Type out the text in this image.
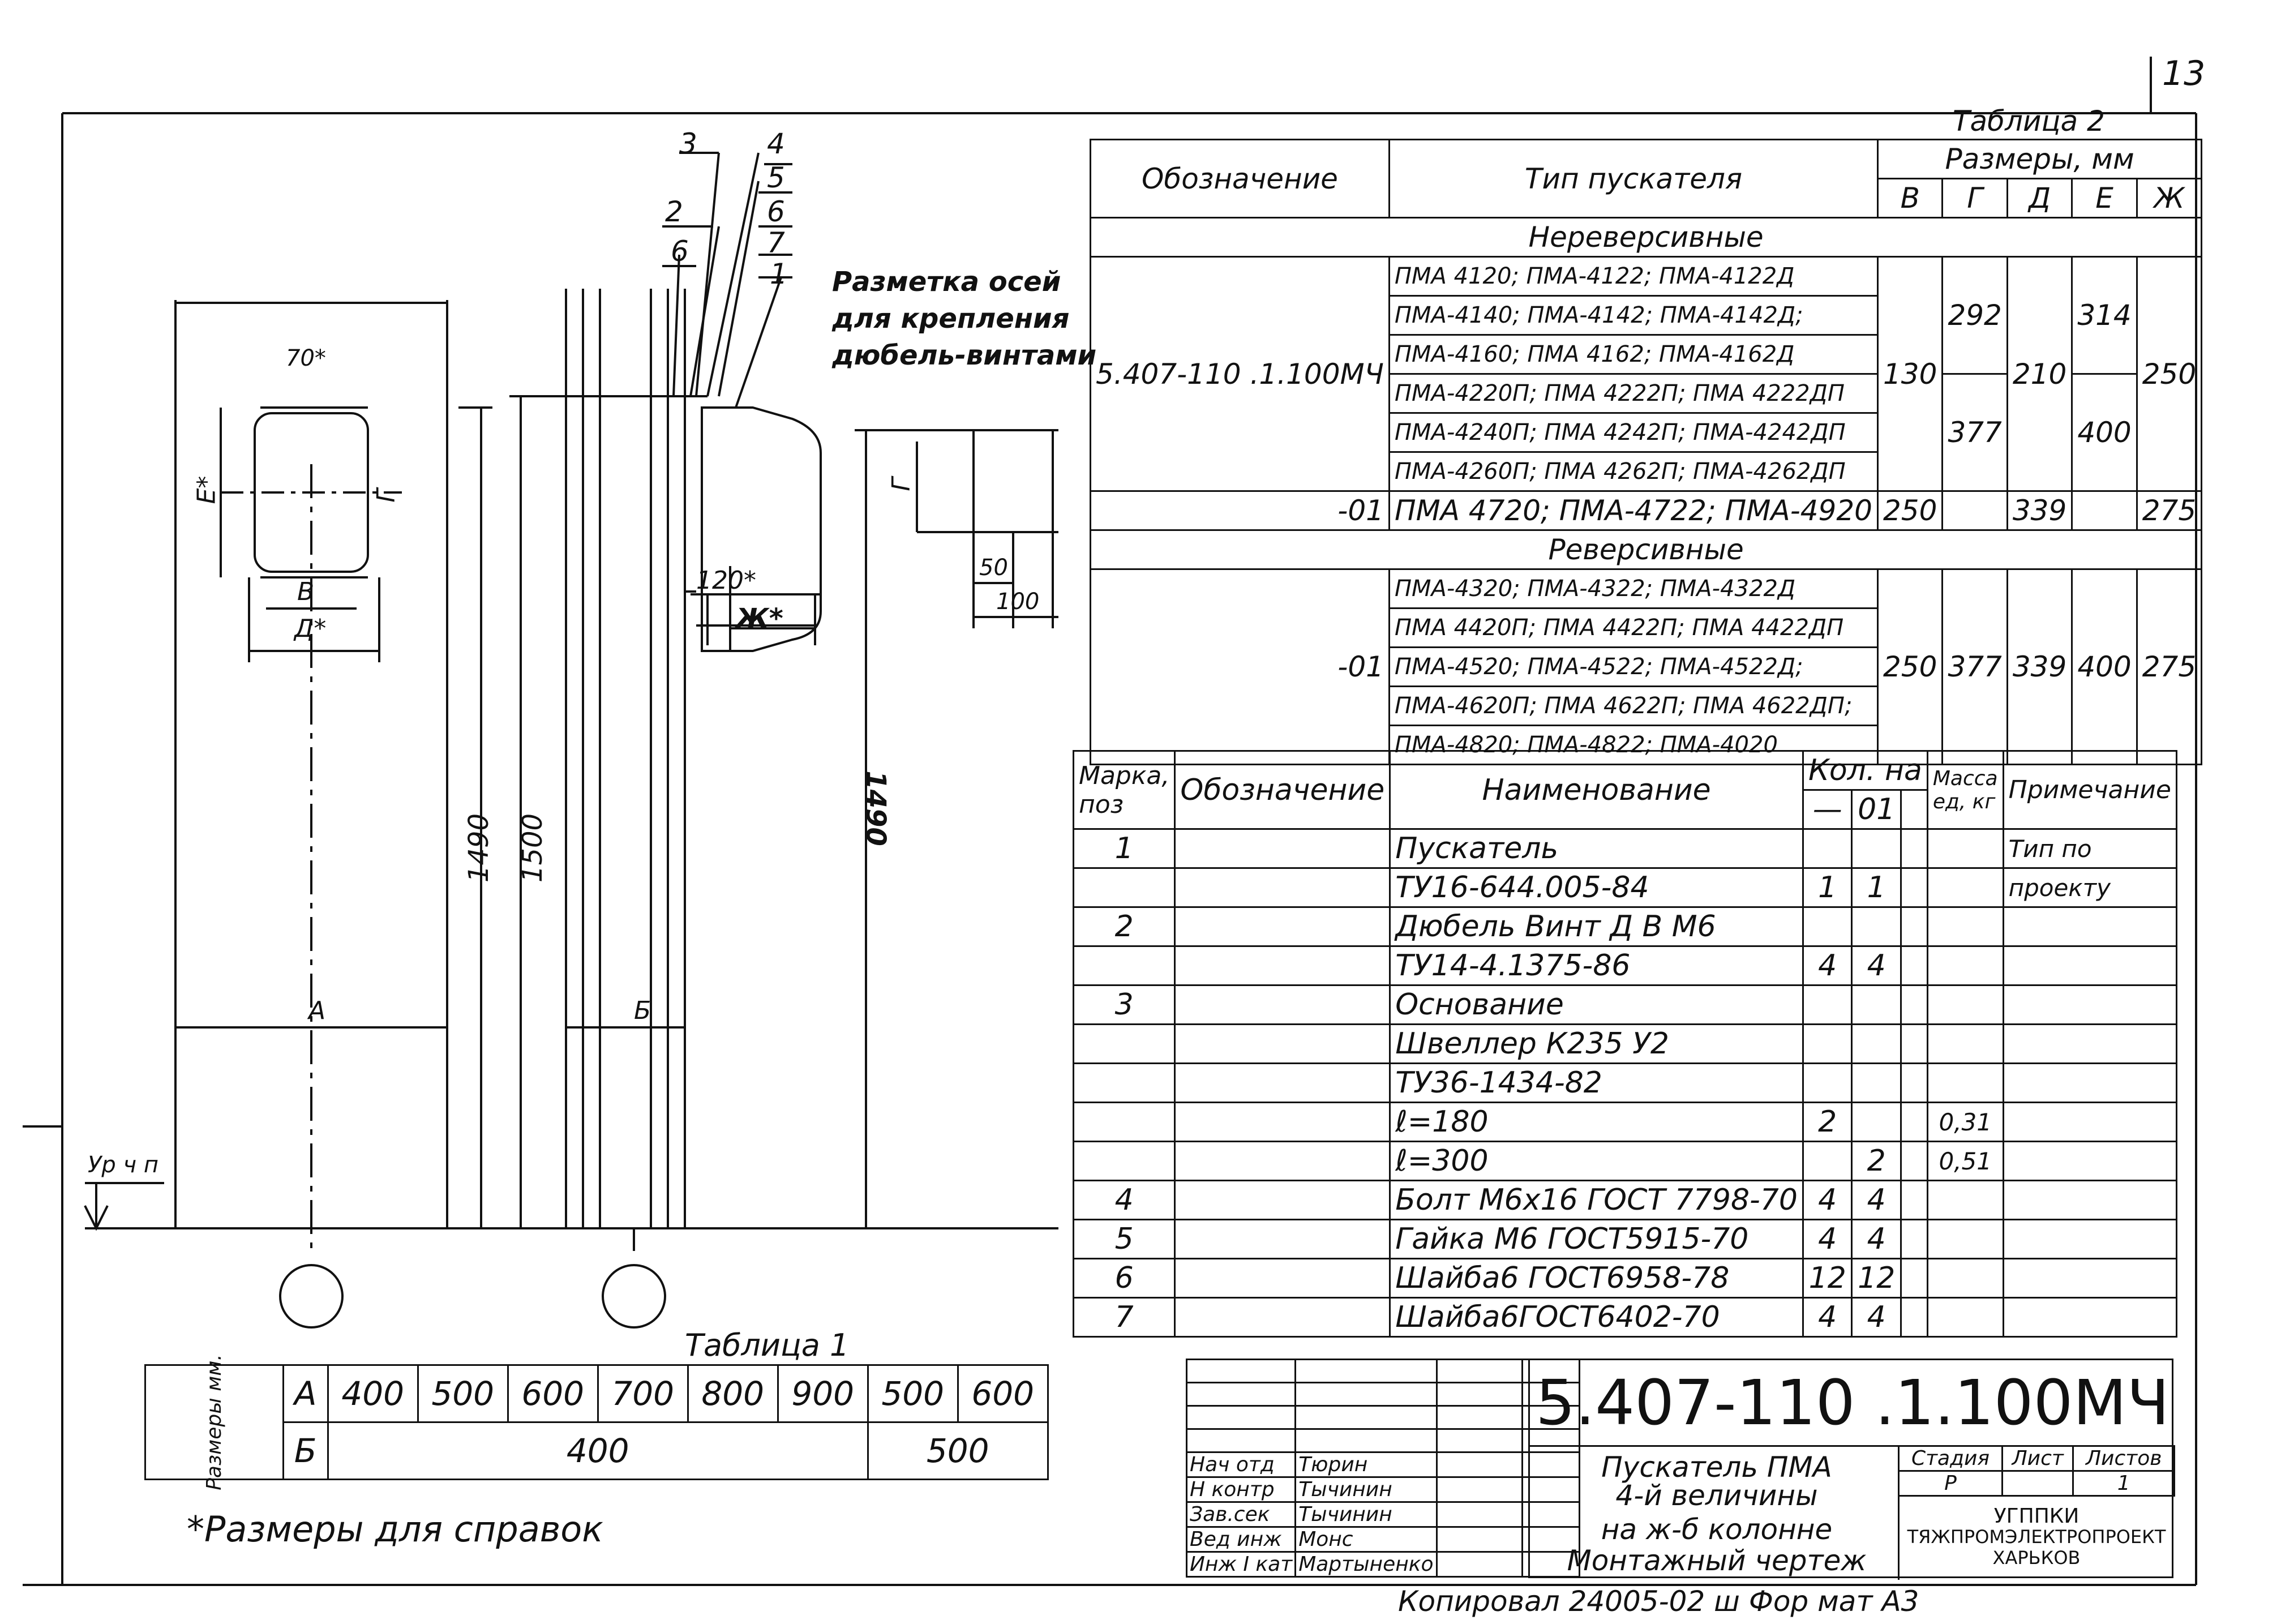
13
3 4
5
6
7
2
6
1 Разметка осей
для крепления
дюбель-винтами
70*
Е*	Г
В
Д*
1490
А
Ур ч п
1500
Б
120*
Ж*
Г
50
100
1490
Таблица 2
Обозначение	Тип пускателя	Размеры, мм				
		В	Г	Д	Е	Ж
Нереверсивные						
5.407-110 .1.100МЧ	ПМА 4120; ПМА-4122; ПМА-4122Д	130	292	210	314	250
	ПМА-4140; ПМА-4142; ПМА-4142Д;					
	ПМА-4160; ПМА 4162; ПМА-4162Д					
	ПМА-4220П; ПМА 4222П; ПМА 4222ДП		377		400	
	ПМА-4240П; ПМА 4242П; ПМА-4242ДП					
	ПМА-4260П; ПМА 4262П; ПМА-4262ДП					
-01	ПМА 4720; ПМА-4722; ПМА-4920	250		339		275
Реверсивные						
-01	ПМА-4320; ПМА-4322; ПМА-4322Д	250	377	339	400	275
	ПМА 4420П; ПМА 4422П; ПМА 4422ДП					
	ПМА-4520; ПМА-4522; ПМА-4522Д;					
	ПМА-4620П; ПМА 4622П; ПМА 4622ДП;					
	ПМА-4820; ПМА-4822; ПМА-4020					
Марка, поз	Обозначение	Наименование	Кол. на			Масса ед, кг	Примечание
			—	01			
1		Пускатель					Тип по
		ТУ16-644.005-84	1	1			проекту
2		Дюбель Винт Д В М6					
		ТУ14-4.1375-86	4	4			
3		Основание					
		Швеллер К235 У2					
		ТУ36-1434-82					
		ℓ=180	2			0,31	
		ℓ=300		2		0,51	
4		Болт М6х16 ГОСТ 7798-70	4	4			
5		Гайка М6 ГОСТ5915-70	4	4			
6		Шайба6 ГОСТ6958-78	12	12			
7		Шайба6ГОСТ6402-70	4	4			
Таблица 1
Размеры мм.	А	400	500	600	700	800	900	500	600
	Б	400						500	
*Размеры для справок

Нач отд	Тюрин		
Н контр	Тычинин		
Зав.сек	Тычинин		
Вед инж	Монс		
Инж I кат	Мартыненко		
5.407-110 .1.100МЧ
Пускатель ПМА
4-й величины
на ж-б колонне
Монтажный чертеж
Стадия	Лист	Листов
Р		1
УГППКИ
ТЯЖПРОМЭЛЕКТРОПРОЕКТ
ХАРЬКОВ
Копировал 24005-02 ш Фор мат А3
